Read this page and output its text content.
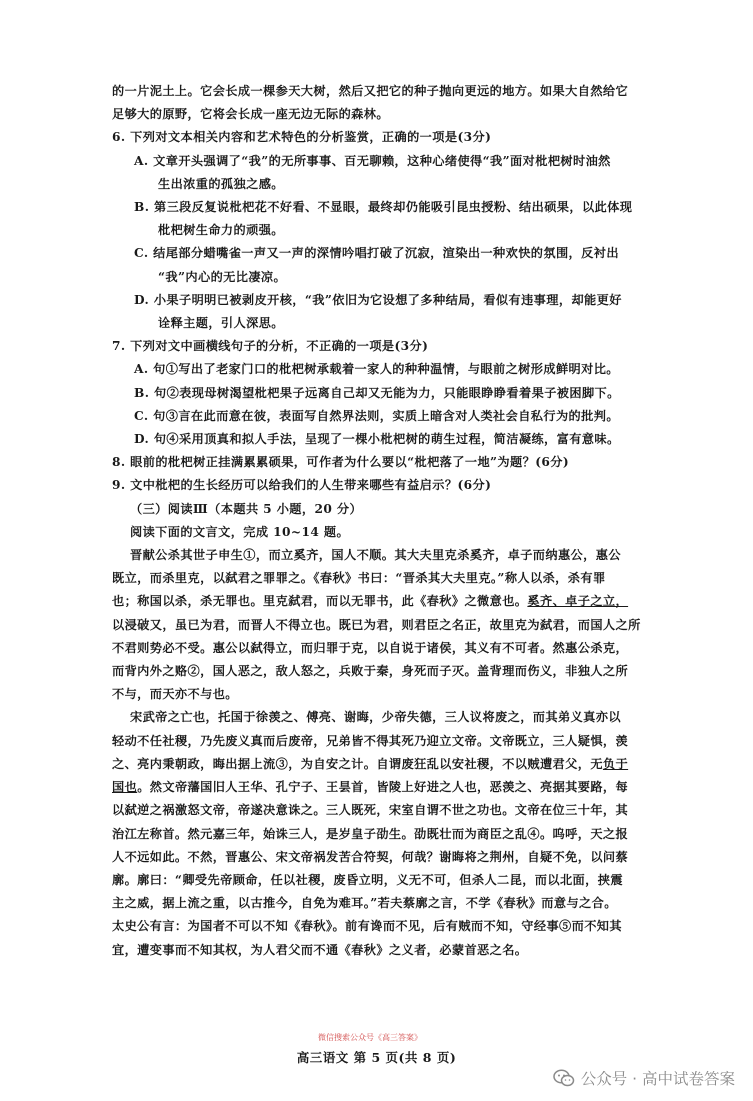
的一片泥土上。它会长成一棵参天大树，然后又把它的种子抛向更远的地方。如果大自然给它
足够大的原野，它将会长成一座无边无际的森林。
6. 下列对文本相关内容和艺术特色的分析鉴赏，正确的一项是(3分)
A. 文章开头强调了“我”的无所事事、百无聊赖，这种心绪使得“我”面对枇杷树时油然
生出浓重的孤独之感。
B. 第三段反复说枇杷花不好看、不显眼，最终却仍能吸引昆虫授粉、结出硕果，以此体现
枇杷树生命力的顽强。
C. 结尾部分蜡嘴雀一声又一声的深情吟唱打破了沉寂，渲染出一种欢快的氛围，反衬出
“我”内心的无比凄凉。
D. 小果子明明已被剥皮开核，“我”依旧为它设想了多种结局，看似有违事理，却能更好
诠释主题，引人深思。
7. 下列对文中画横线句子的分析，不正确的一项是(3分)
A. 句①写出了老家门口的枇杷树承载着一家人的种种温情，与眼前之树形成鲜明对比。
B. 句②表现母树渴望枇杷果子远离自己却又无能为力，只能眼睁睁看着果子被困脚下。
C. 句③言在此而意在彼，表面写自然界法则，实质上暗含对人类社会自私行为的批判。
D. 句④采用顶真和拟人手法，呈现了一棵小枇杷树的萌生过程，简洁凝练，富有意味。
8. 眼前的枇杷树正挂满累累硕果，可作者为什么要以“枇杷落了一地”为题？(6分)
9. 文中枇杷的生长经历可以给我们的人生带来哪些有益启示？(6分)
（三）阅读Ⅲ（本题共 5 小题，20 分）
阅读下面的文言文，完成 10~14 题。
晋献公杀其世子申生①，而立奚齐，国人不顺。其大夫里克杀奚齐，卓子而纳惠公，惠公
既立，而杀里克，以弑君之罪罪之。《春秋》书曰：“晋杀其大夫里克。”称人以杀，杀有罪
也；称国以杀，杀无罪也。里克弑君，而以无罪书，此《春秋》之微意也。奚齐、卓子之立，
以浸破又，虽已为君，而晋人不得立也。既已为君，则君臣之名正，故里克为弑君，而国人之所
不君则势必不受。惠公以弑得立，而归罪于克，以自说于诸侯，其义有不可者。然惠公杀克，
而背内外之赂②，国人恶之，敌人怒之，兵败于秦，身死而子灭。盖背理而伤义，非独人之所
不与，而天亦不与也。
宋武帝之亡也，托国于徐羡之、傅亮、谢晦，少帝失德，三人议将废之，而其弟义真亦以
轻动不任社稷，乃先废义真而后废帝，兄弟皆不得其死乃迎立文帝。文帝既立，三人疑惧，羡
之、亮内秉朝政，晦出据上流③，为自安之计。自谓废狂乱以安社稷，不以贼遭君父，无负于
国也。然文帝藩国旧人王华、孔宁子、王昙首，皆陵上好进之人也，恶羡之、亮据其要路，每
以弑逆之祸激怒文帝，帝遂决意诛之。三人既死，宋室自谓不世之功也。文帝在位三十年，其
治江左称首。然元嘉三年，始诛三人，是岁皇子劭生。劭既壮而为商臣之乱④。呜呼，天之报
人不远如此。不然，晋惠公、宋文帝祸发苦合符契，何哉？谢晦将之荆州，自疑不免，以问蔡
廓。廓曰：“卿受先帝顾命，任以社稷，废昏立明，义无不可，但杀人二昆，而以北面，挟震
主之威，据上流之重，以古推今，自免为难耳。”若夫蔡廓之言，不学《春秋》而意与之合。
太史公有言：为国者不可以不知《春秋》。前有谗而不见，后有贼而不知，守经事⑤而不知其
宜，遭变事而不知其权，为人君父而不通《春秋》之义者，必蒙首恶之名。
微信搜索公众号《高三答案》
高三语文 第 5 页(共 8 页)
公众号 · 高中试卷答案
